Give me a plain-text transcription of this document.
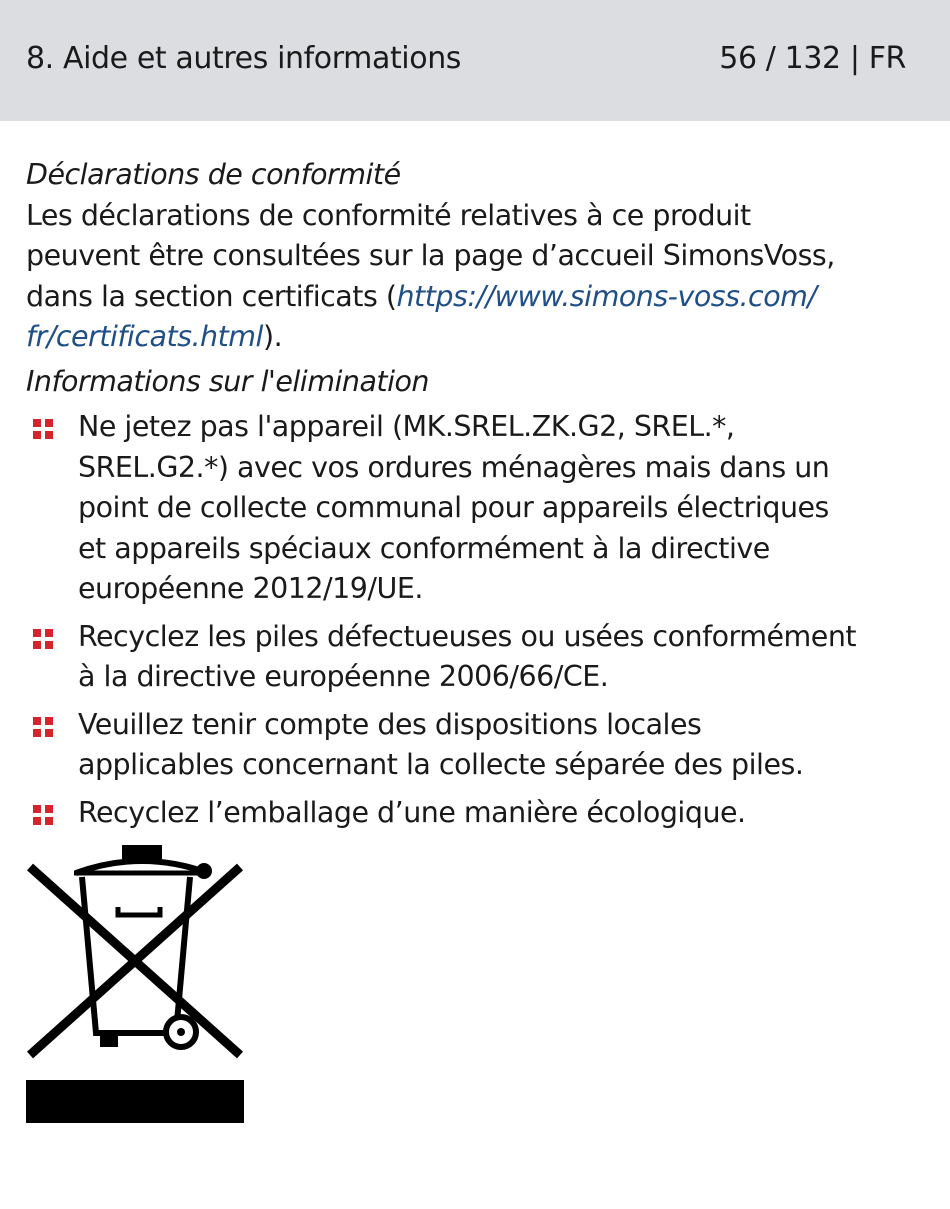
8. Aide et autres informations	56 / 132 | FR

Déclarations de conformité

Les déclarations de conformité relatives à ce produit
peuvent être consultées sur la page d’accueil SimonsVoss,
dans la section certificats (https://www.simons-voss.com/
fr/certificats.html).

Informations sur l'elimination

Ne jetez pas l'appareil (MK.SREL.ZK.G2, SREL.*,
SREL.G2.*) avec vos ordures ménagères mais dans un
point de collecte communal pour appareils électriques
et appareils spéciaux conformément à la directive
européenne 2012/19/UE.
Recyclez les piles défectueuses ou usées conformément
à la directive européenne 2006/66/CE.
Veuillez tenir compte des dispositions locales
applicables concernant la collecte séparée des piles.
Recyclez l’emballage d’une manière écologique.
